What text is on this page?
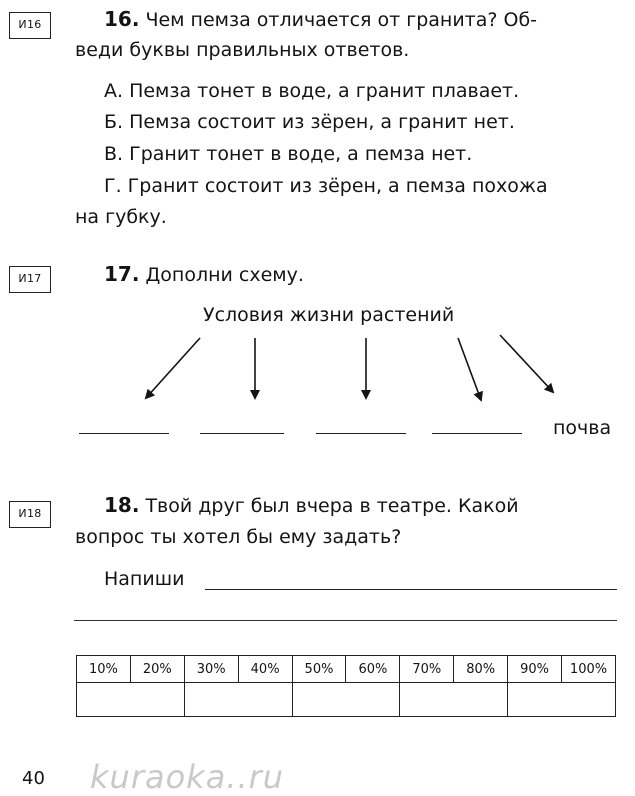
И16	16. Чем пемза отличается от гранита? Об-
веди буквы правильных ответов.
А. Пемза тонет в воде, а гранит плавает.
Б. Пемза состоит из зёрен, а гранит нет.
В. Гранит тонет в воде, а пемза нет.
Г. Гранит состоит из зёрен, а пемза похожа
на губку.
И17	17. Дополни схему.
Условия жизни растений
почва
И18	18. Твой друг был вчера в театре. Какой
вопрос ты хотел бы ему задать?
Напиши
10%	20%	30%	40%	50%	60%	70%	80%	90%	100%

kuraoka..ru
40
